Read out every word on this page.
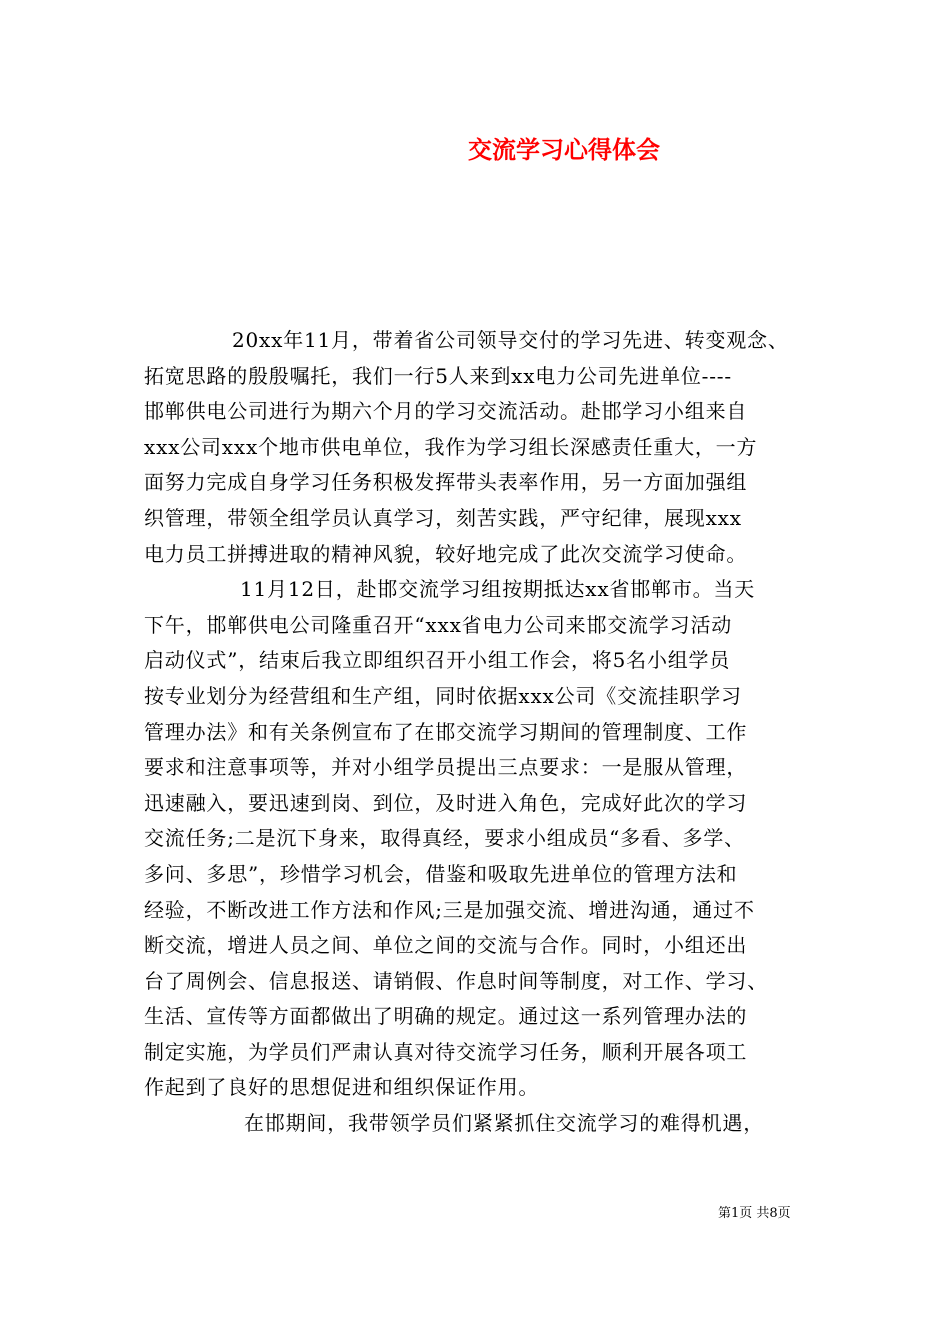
交流学习心得体会
20xx年11月，带着省公司领导交付的学习先进、转变观念、
拓宽思路的殷殷嘱托，我们一行5人来到xx电力公司先进单位----
邯郸供电公司进行为期六个月的学习交流活动。赴邯学习小组来自
xxx公司xxx个地市供电单位，我作为学习组长深感责任重大，一方
面努力完成自身学习任务积极发挥带头表率作用，另一方面加强组
织管理，带领全组学员认真学习，刻苦实践，严守纪律，展现xxx
电力员工拼搏进取的精神风貌，较好地完成了此次交流学习使命。
11月12日，赴邯交流学习组按期抵达xx省邯郸市。当天
下午，邯郸供电公司隆重召开“xxx省电力公司来邯交流学习活动
启动仪式”，结束后我立即组织召开小组工作会，将5名小组学员
按专业划分为经营组和生产组，同时依据xxx公司《交流挂职学习
管理办法》和有关条例宣布了在邯交流学习期间的管理制度、工作
要求和注意事项等，并对小组学员提出三点要求：一是服从管理，
迅速融入，要迅速到岗、到位，及时进入角色，完成好此次的学习
交流任务;二是沉下身来，取得真经，要求小组成员“多看、多学、
多问、多思”，珍惜学习机会，借鉴和吸取先进单位的管理方法和
经验，不断改进工作方法和作风;三是加强交流、增进沟通，通过不
断交流，增进人员之间、单位之间的交流与合作。同时，小组还出
台了周例会、信息报送、请销假、作息时间等制度，对工作、学习、
生活、宣传等方面都做出了明确的规定。通过这一系列管理办法的
制定实施，为学员们严肃认真对待交流学习任务，顺利开展各项工
作起到了良好的思想促进和组织保证作用。
在邯期间，我带领学员们紧紧抓住交流学习的难得机遇，
第1页 共8页
